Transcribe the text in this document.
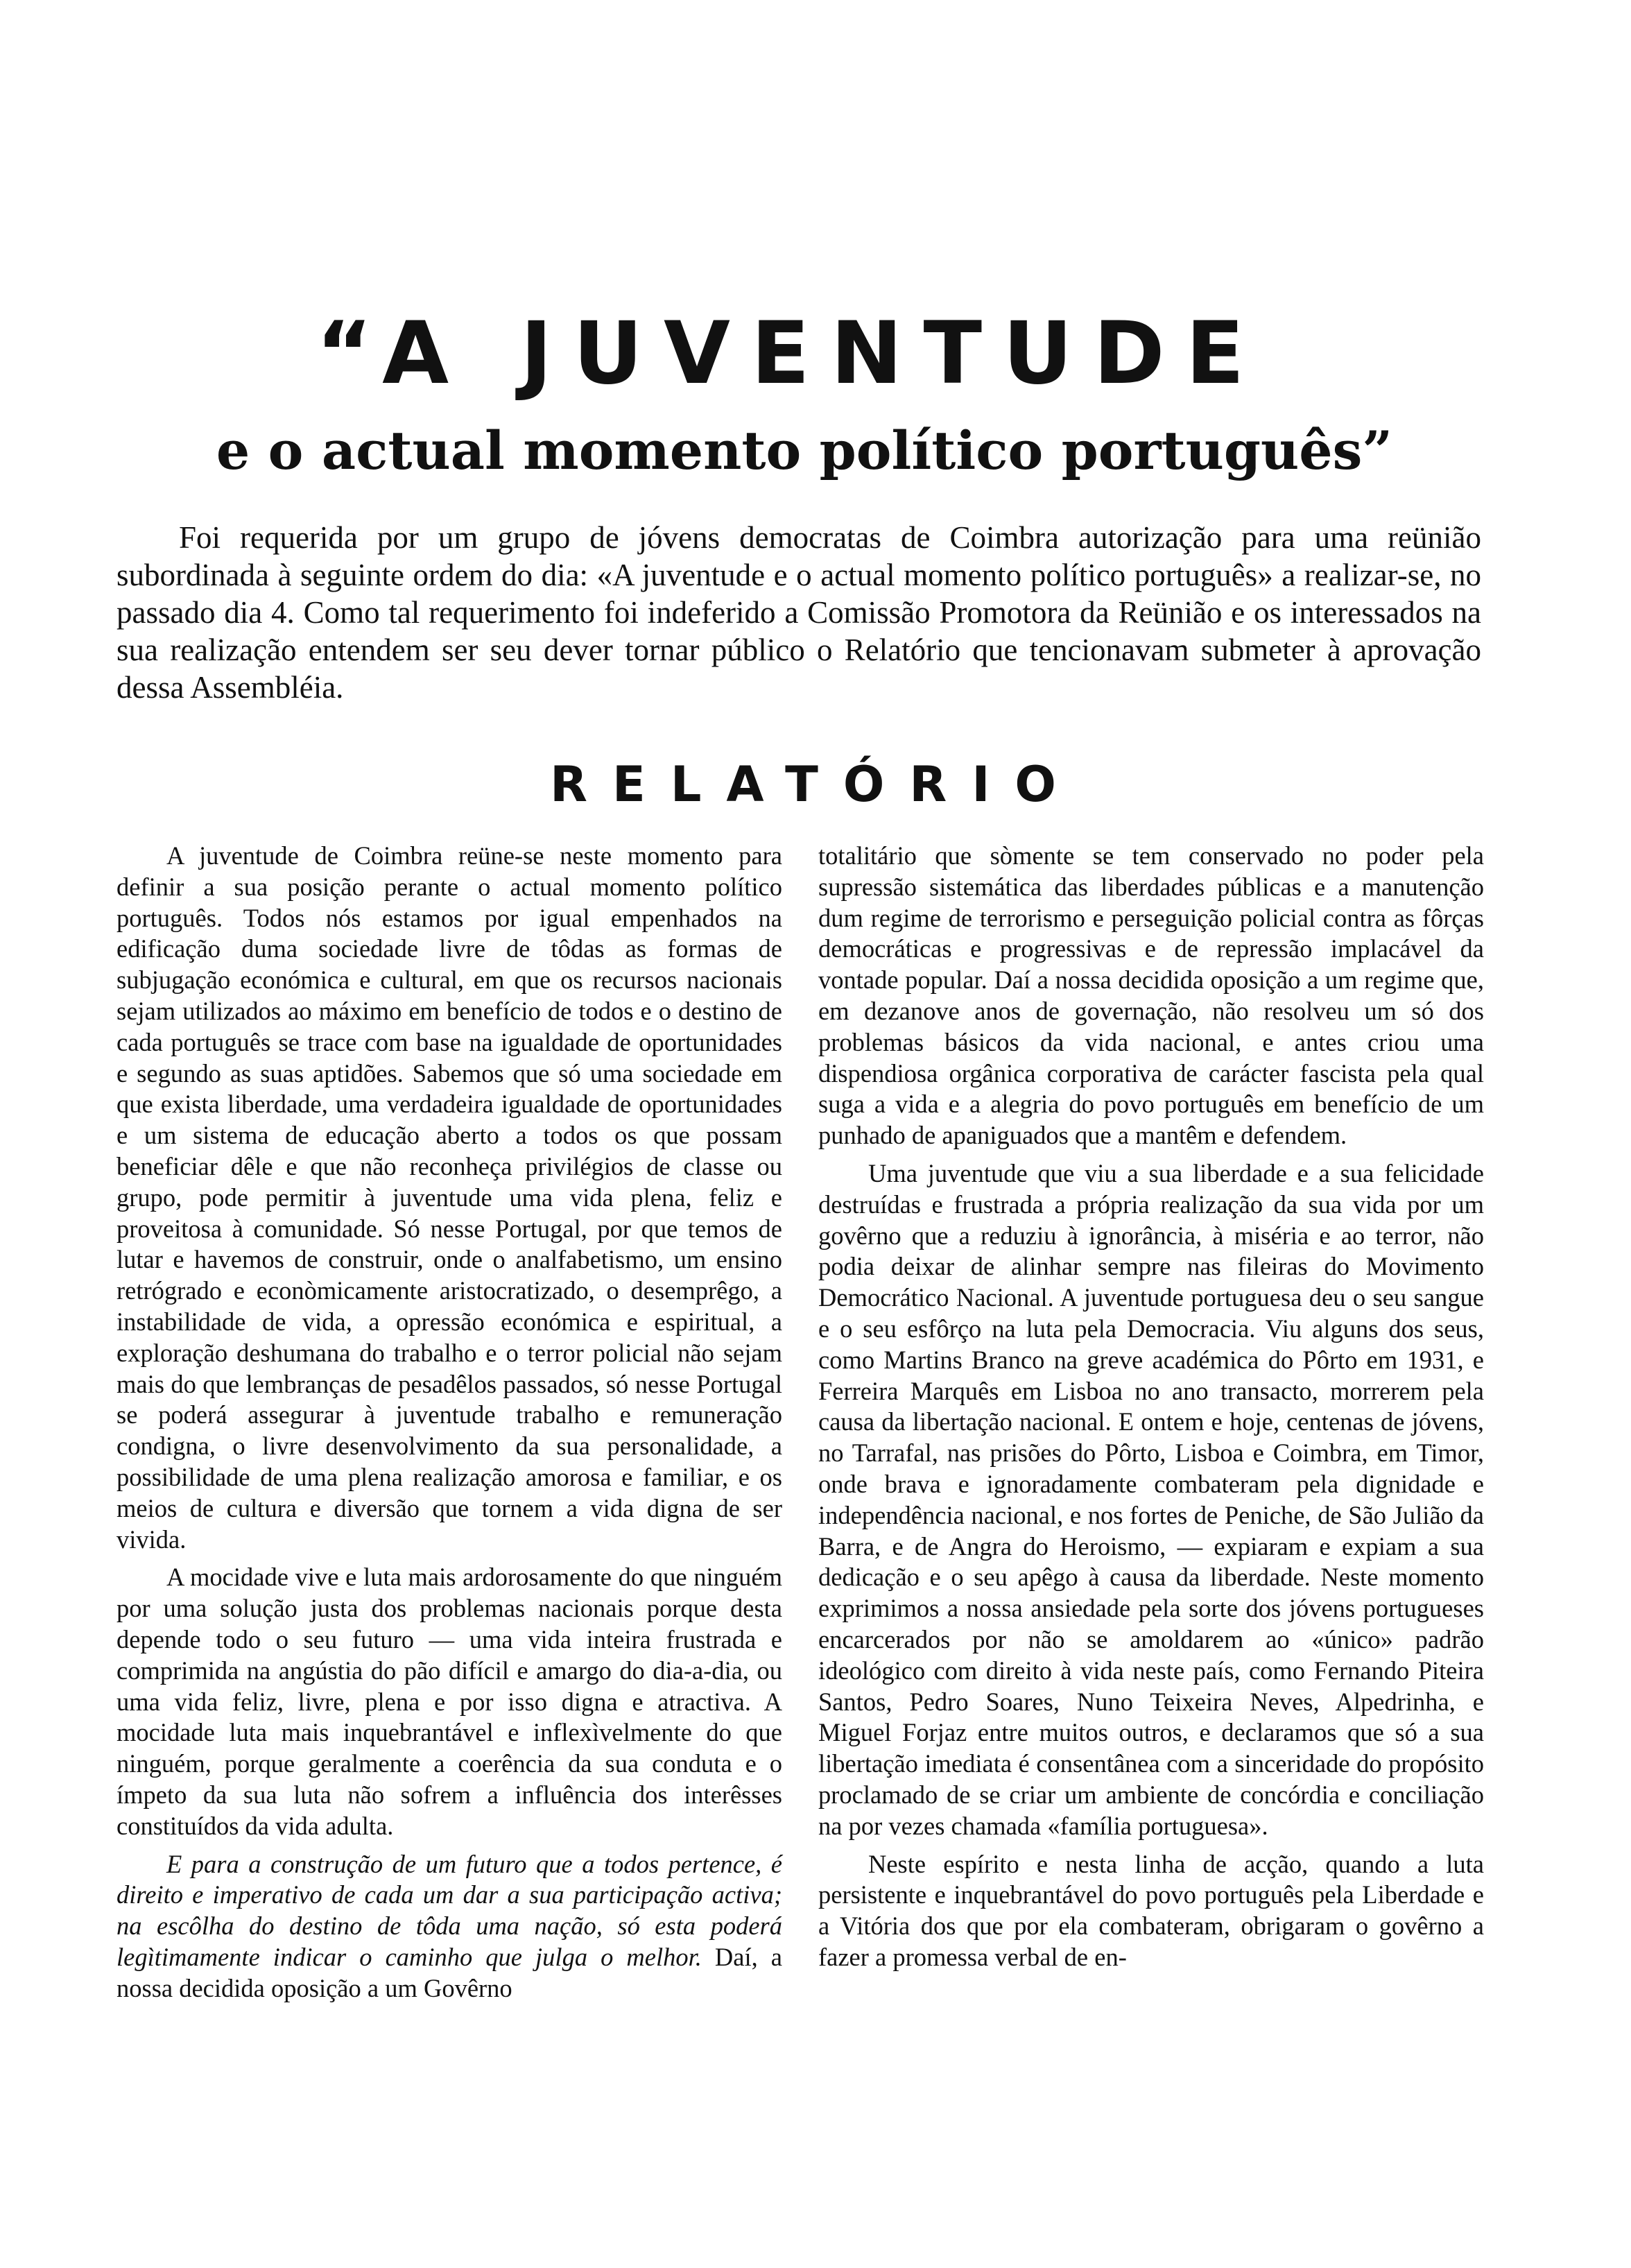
“A JUVENTUDE
e o actual momento político português”

Foi requerida por um grupo de jóvens democratas de Coimbra autorização para uma reünião subordinada à seguinte ordem do dia: «A juventude e o actual momento político português» a realizar-se, no passado dia 4. Como tal requerimento foi indeferido a Comissão Promotora da Reünião e os interessados na sua realização entendem ser seu dever tornar público o Relatório que tencionavam submeter à aprovação dessa Assembléia.

RELATÓRIO

A juventude de Coimbra reüne-se neste momento para definir a sua posição perante o actual momento político português. Todos nós estamos por igual empenhados na edificação duma sociedade livre de tôdas as formas de subjugação económica e cultural, em que os recursos nacionais sejam utilizados ao máximo em benefício de todos e o destino de cada português se trace com base na igualdade de oportunidades e segundo as suas aptidões. Sabemos que só uma sociedade em que exista liberdade, uma verdadeira igualdade de oportunidades e um sistema de educação aberto a todos os que possam beneficiar dêle e que não reconheça privilégios de classe ou grupo, pode permitir à juventude uma vida plena, feliz e proveitosa à comunidade. Só nesse Portugal, por que temos de lutar e havemos de construir, onde o analfabetismo, um ensino retrógrado e econòmicamente aristocratizado, o desemprêgo, a instabilidade de vida, a opressão económica e espiritual, a exploração deshumana do trabalho e o terror policial não sejam mais do que lembranças de pesadêlos passados, só nesse Portugal se poderá assegurar à juventude trabalho e remuneração condigna, o livre desenvolvimento da sua personalidade, a possibilidade de uma plena realização amorosa e familiar, e os meios de cultura e diversão que tornem a vida digna de ser vivida.

A mocidade vive e luta mais ardorosamente do que ninguém por uma solução justa dos problemas nacionais porque desta depende todo o seu futuro — uma vida inteira frustrada e comprimida na angústia do pão difícil e amargo do dia-a-dia, ou uma vida feliz, livre, plena e por isso digna e atractiva. A mocidade luta mais inquebrantável e inflexìvelmente do que ninguém, porque geralmente a coerência da sua conduta e o ímpeto da sua luta não sofrem a influência dos interêsses constituídos da vida adulta.

E para a construção de um futuro que a todos pertence, é direito e imperativo de cada um dar a sua participação activa; na escôlha do destino de tôda uma nação, só esta poderá legìtimamente indicar o caminho que julga o melhor. Daí, a nossa decidida oposição a um Govêrno

totalitário que sòmente se tem conservado no poder pela supressão sistemática das liberdades públicas e a manutenção dum regime de terrorismo e perseguição policial contra as fôrças democráticas e progressivas e de repressão implacável da vontade popular. Daí a nossa decidida oposição a um regime que, em dezanove anos de governação, não resolveu um só dos problemas básicos da vida nacional, e antes criou uma dispendiosa orgânica corporativa de carácter fascista pela qual suga a vida e a alegria do povo português em benefício de um punhado de apaniguados que a mantêm e defendem.

Uma juventude que viu a sua liberdade e a sua felicidade destruídas e frustrada a própria realização da sua vida por um govêrno que a reduziu à ignorância, à miséria e ao terror, não podia deixar de alinhar sempre nas fileiras do Movimento Democrático Nacional. A juventude portuguesa deu o seu sangue e o seu esfôrço na luta pela Democracia. Viu alguns dos seus, como Martins Branco na greve académica do Pôrto em 1931, e Ferreira Marquês em Lisboa no ano transacto, morrerem pela causa da libertação nacional. E ontem e hoje, centenas de jóvens, no Tarrafal, nas prisões do Pôrto, Lisboa e Coimbra, em Timor, onde brava e ignoradamente combateram pela dignidade e independência nacional, e nos fortes de Peniche, de São Julião da Barra, e de Angra do Heroismo, — expiaram e expiam a sua dedicação e o seu apêgo à causa da liberdade. Neste momento exprimimos a nossa ansiedade pela sorte dos jóvens portugueses encarcerados por não se amoldarem ao «único» padrão ideológico com direito à vida neste país, como Fernando Piteira Santos, Pedro Soares, Nuno Teixeira Neves, Alpedrinha, e Miguel Forjaz entre muitos outros, e declaramos que só a sua libertação imediata é consentânea com a sinceridade do propósito proclamado de se criar um ambiente de concórdia e conciliação na por vezes chamada «família portuguesa».

Neste espírito e nesta linha de acção, quando a luta persistente e inquebrantável do povo português pela Liberdade e a Vitória dos que por ela combateram, obrigaram o govêrno a fazer a promessa verbal de en-
